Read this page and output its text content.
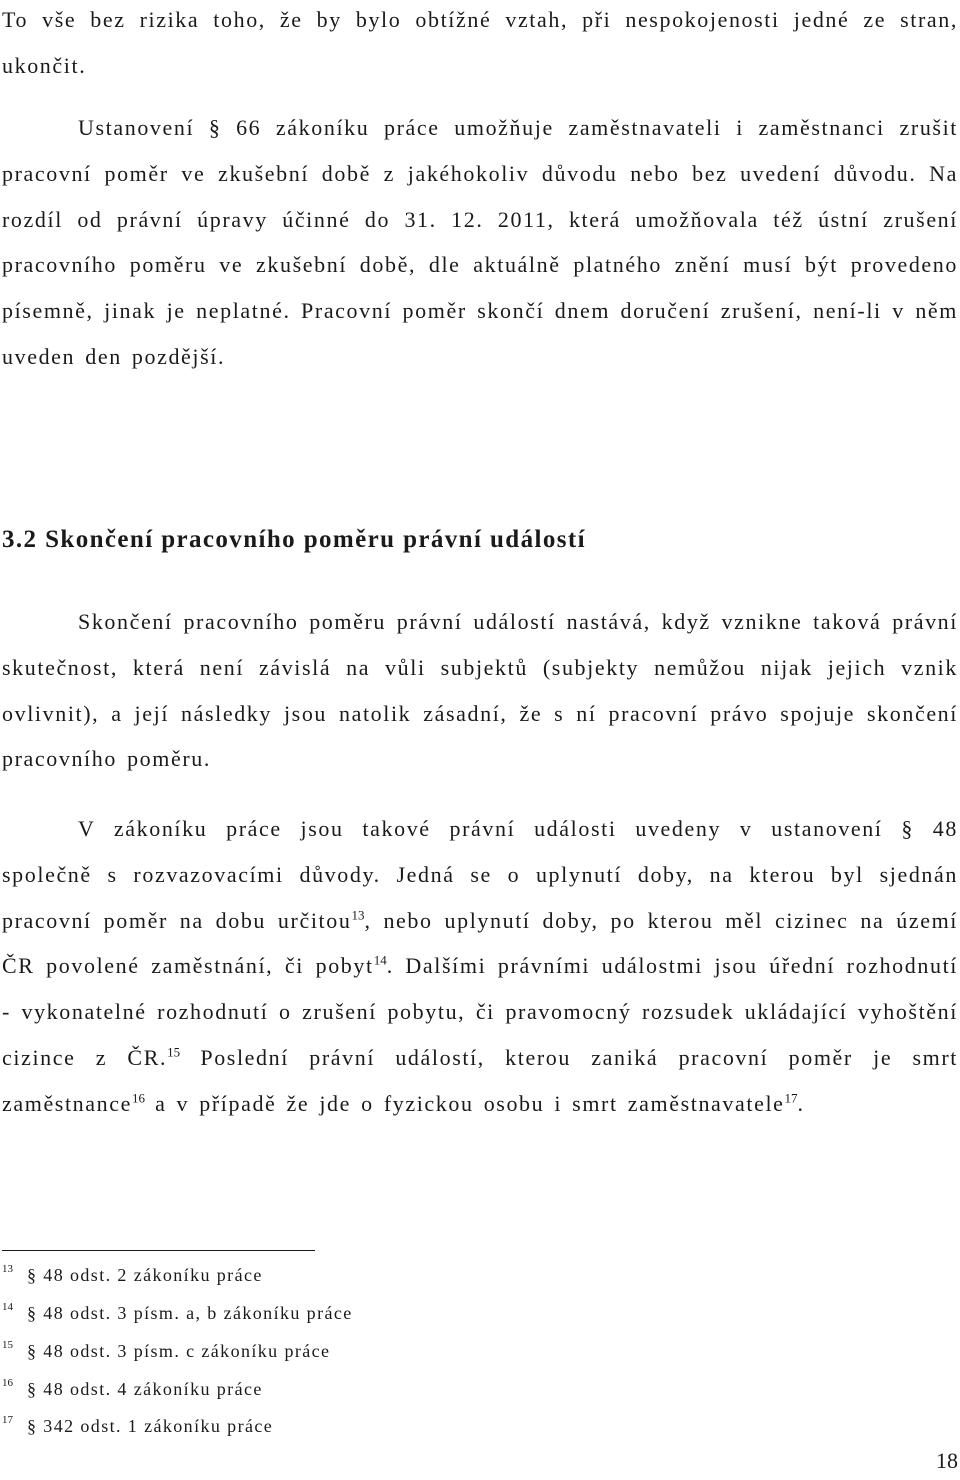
To vše bez rizika toho, že by bylo obtížné vztah, při nespokojenosti jedné ze stran, ukončit.

Ustanovení § 66 zákoníku práce umožňuje zaměstnavateli i zaměstnanci zrušit pracovní poměr ve zkušební době z jakéhokoliv důvodu nebo bez uvedení důvodu. Na rozdíl od právní úpravy účinné do 31. 12. 2011, která umožňovala též ústní zrušení pracovního poměru ve zkušební době, dle aktuálně platného znění musí být provedeno písemně, jinak je neplatné. Pracovní poměr skončí dnem doručení zrušení, není-li v něm uveden den pozdější.

3.2 Skončení pracovního poměru právní událostí

Skončení pracovního poměru právní událostí nastává, když vznikne taková právní skutečnost, která není závislá na vůli subjektů (subjekty nemůžou nijak jejich vznik ovlivnit), a její následky jsou natolik zásadní, že s ní pracovní právo spojuje skončení pracovního poměru.

V zákoníku práce jsou takové právní události uvedeny v ustanovení § 48 společně s rozvazovacími důvody. Jedná se o uplynutí doby, na kterou byl sjednán pracovní poměr na dobu určitou$^{13}$, nebo uplynutí doby, po kterou měl cizinec na území ČR povolené zaměstnání, či pobyt$^{14}$. Dalšími právními událostmi jsou úřední rozhodnutí - vykonatelné rozhodnutí o zrušení pobytu, či pravomocný rozsudek ukládající vyhoštění cizince z ČR.$^{15}$ Poslední právní událostí, kterou zaniká pracovní poměr je smrt zaměstnance$^{16}$ a v případě že jde o fyzickou osobu i smrt zaměstnavatele$^{17}$.

$^{13}$ § 48 odst. 2 zákoníku práce

$^{14}$ § 48 odst. 3 písm. a, b zákoníku práce

$^{15}$ § 48 odst. 3 písm. c zákoníku práce

$^{16}$ § 48 odst. 4 zákoníku práce

$^{17}$ § 342 odst. 1 zákoníku práce

18
